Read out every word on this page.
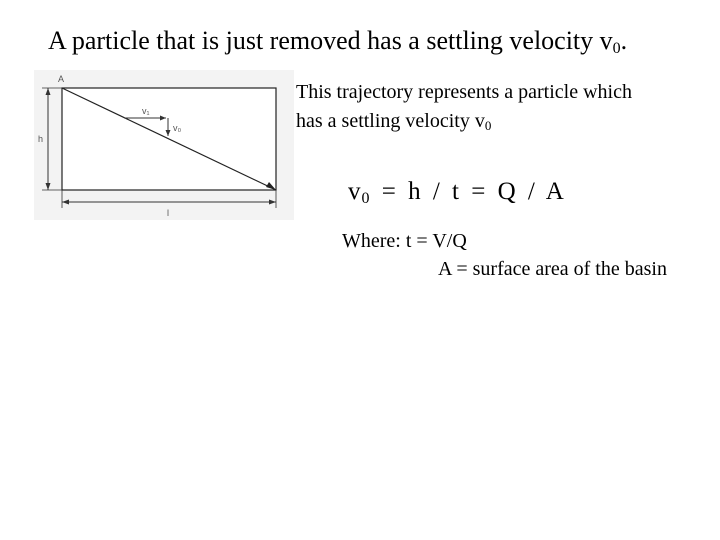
A particle that is just removed has a settling velocity $v_0$.
A
h
l
v₁
v₀
This trajectory represents a particle which
has a settling velocity v0
$v_0 = h / t = Q / A$
Where: t = V/Q
A = surface area of the basin
